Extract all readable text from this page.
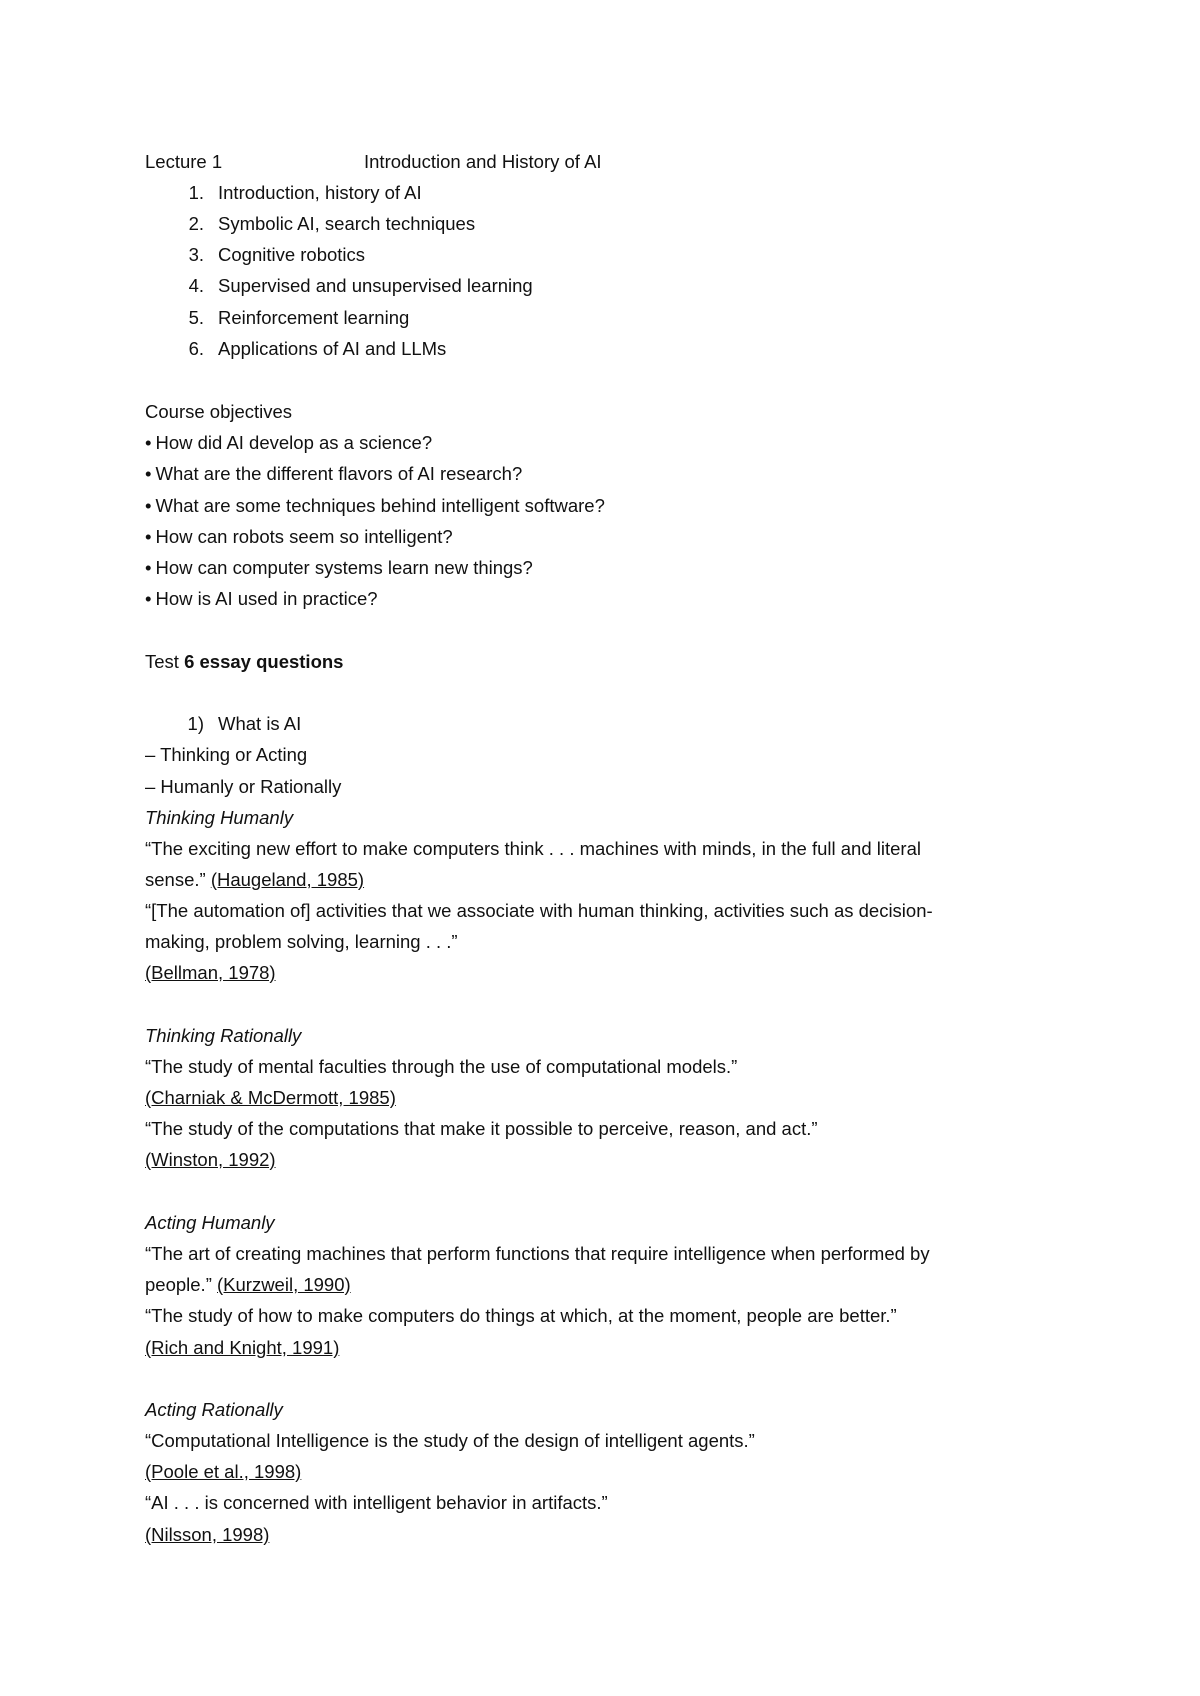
Lecture 1	Introduction and History of AI
1. Introduction, history of AI
2. Symbolic AI, search techniques
3. Cognitive robotics
4. Supervised and unsupervised learning
5. Reinforcement learning
6. Applications of AI and LLMs
Course objectives
• How did AI develop as a science?
• What are the different flavors of AI research?
• What are some techniques behind intelligent software?
• How can robots seem so intelligent?
• How can computer systems learn new things?
• How is AI used in practice?
Test 6 essay questions
1) What is AI
– Thinking or Acting
– Humanly or Rationally
Thinking Humanly
“The exciting new effort to make computers think . . . machines with minds, in the full and literal
sense.” (Haugeland, 1985)
“[The automation of] activities that we associate with human thinking, activities such as decision-
making, problem solving, learning . . .”
(Bellman, 1978)
Thinking Rationally
“The study of mental faculties through the use of computational models.”
(Charniak & McDermott, 1985)
“The study of the computations that make it possible to perceive, reason, and act.”
(Winston, 1992)
Acting Humanly
“The art of creating machines that perform functions that require intelligence when performed by
people.” (Kurzweil, 1990)
“The study of how to make computers do things at which, at the moment, people are better.”
(Rich and Knight, 1991)
Acting Rationally
“Computational Intelligence is the study of the design of intelligent agents.”
(Poole et al., 1998)
“AI . . . is concerned with intelligent behavior in artifacts.”
(Nilsson, 1998)
